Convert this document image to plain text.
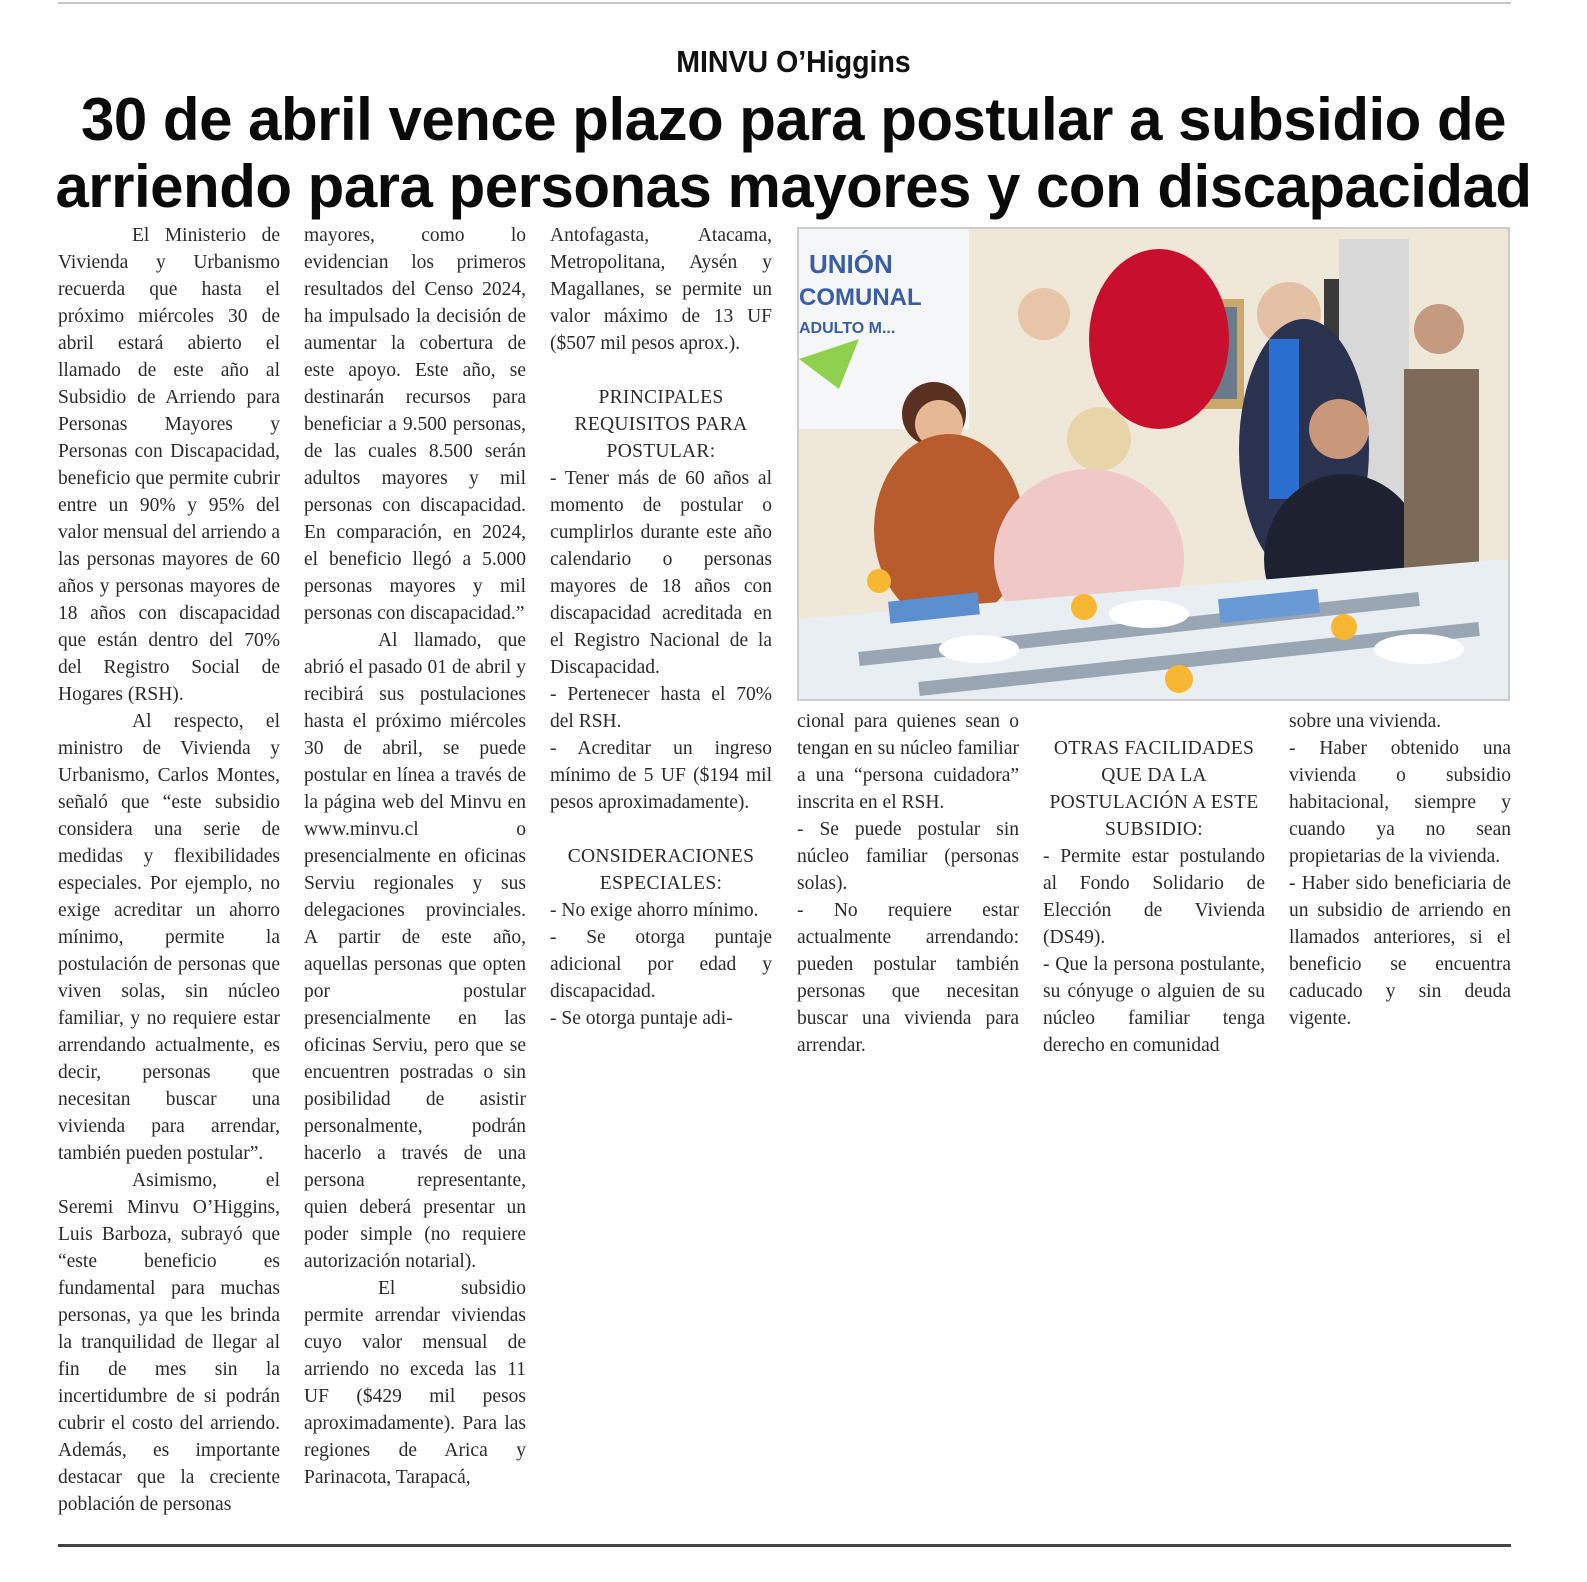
MINVU O’Higgins
30 de abril vence plazo para postular a subsidio de
arriendo para personas mayores y con discapacidad

El Ministerio de Vivienda y Urbanismo recuerda que hasta el próximo miércoles 30 de abril estará abierto el llamado de este año al Subsidio de Arriendo para Personas Mayores y Personas con Discapacidad, beneficio que permite cubrir entre un 90% y 95% del valor mensual del arriendo a las personas mayores de 60 años y personas mayores de 18 años con discapacidad que están dentro del 70% del Registro Social de Hogares (RSH).

Al respecto, el ministro de Vivienda y Urbanismo, Carlos Montes, señaló que “este subsidio considera una serie de medidas y flexibilidades especiales. Por ejemplo, no exige acreditar un ahorro mínimo, permite la postulación de personas que viven solas, sin núcleo familiar, y no requiere estar arrendando actualmente, es decir, personas que necesitan buscar una vivienda para arrendar, también pueden postular”.

Asimismo, el Seremi Minvu O’Higgins, Luis Barboza, subrayó que “este beneficio es fundamental para muchas personas, ya que les brinda la tranquilidad de llegar al fin de mes sin la incertidumbre de si podrán cubrir el costo del arriendo. Además, es importante destacar que la creciente población de personas

mayores, como lo evidencian los primeros resultados del Censo 2024, ha impulsado la decisión de aumentar la cobertura de este apoyo. Este año, se destinarán recursos para beneficiar a 9.500 personas, de las cuales 8.500 serán adultos mayores y mil personas con discapacidad. En comparación, en 2024, el beneficio llegó a 5.000 personas mayores y mil personas con discapacidad.”

Al llamado, que abrió el pasado 01 de abril y recibirá sus postulaciones hasta el próximo miércoles 30 de abril, se puede postular en línea a través de la página web del Minvu en www.minvu.cl o presencialmente en oficinas Serviu regionales y sus delegaciones provinciales. A partir de este año, aquellas personas que opten por postular presencialmente en las oficinas Serviu, pero que se encuentren postradas o sin posibilidad de asistir personalmente, podrán hacerlo a través de una persona representante, quien deberá presentar un poder simple (no requiere autorización notarial).

El subsidio permite arrendar viviendas cuyo valor mensual de arriendo no exceda las 11 UF ($429 mil pesos aproximadamente). Para las regiones de Arica y Parinacota, Tarapacá,

Antofagasta, Atacama, Metropolitana, Aysén y Magallanes, se permite un valor máximo de 13 UF ($507 mil pesos aprox.).

PRINCIPALES
REQUISITOS PARA
POSTULAR:

- Tener más de 60 años al momento de postular o cumplirlos durante este año calendario o personas mayores de 18 años con discapacidad acreditada en el Registro Nacional de la Discapacidad.

- Pertenecer hasta el 70% del RSH.

- Acreditar un ingreso mínimo de 5 UF ($194 mil pesos aproximadamente).

CONSIDERACIONES
ESPECIALES:

- No exige ahorro mínimo.

- Se otorga puntaje adicional por edad y discapacidad.

- Se otorga puntaje adi-

UNIÓN
COMUNAL
ADULTO M...

cional para quienes sean o tengan en su núcleo familiar a una “persona cuidadora” inscrita en el RSH.

- Se puede postular sin núcleo familiar (personas solas).

- No requiere estar actualmente arrendando: pueden postular también personas que necesitan buscar una vivienda para arrendar.

OTRAS FACILIDADES
QUE DA LA
POSTULACIÓN A ESTE
SUBSIDIO:

- Permite estar postulando al Fondo Solidario de Elección de Vivienda (DS49).

- Que la persona postulante, su cónyuge o alguien de su núcleo familiar tenga derecho en comunidad

sobre una vivienda.

- Haber obtenido una vivienda o subsidio habitacional, siempre y cuando ya no sean propietarias de la vivienda.

- Haber sido beneficiaria de un subsidio de arriendo en llamados anteriores, si el beneficio se encuentra caducado y sin deuda vigente.
